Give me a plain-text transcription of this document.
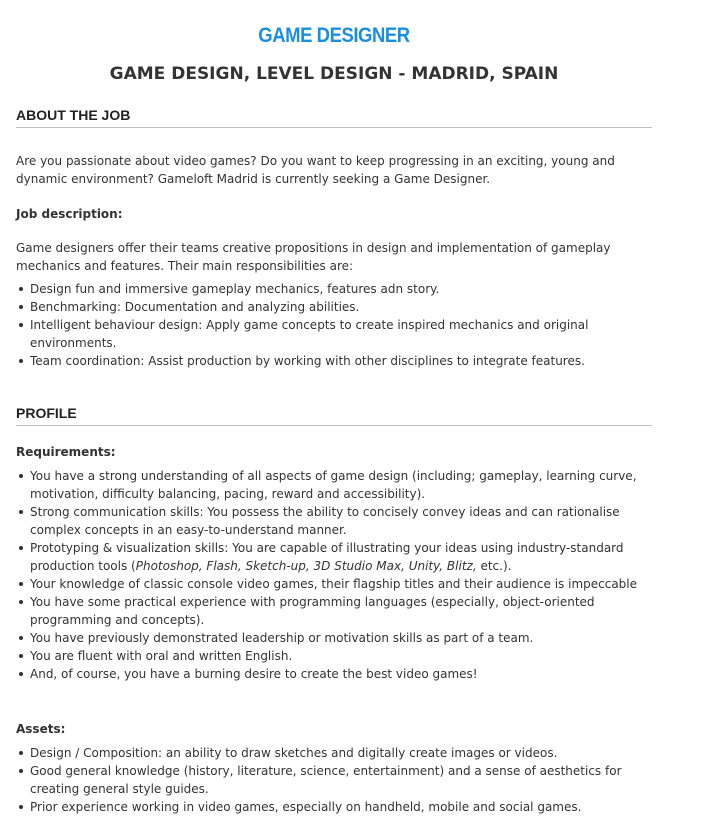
GAME DESIGNER
GAME DESIGN, LEVEL DESIGN - MADRID, SPAIN
ABOUT THE JOB

Are you passionate about video games? Do you want to keep progressing in an exciting, young and dynamic environment? Gameloft Madrid is currently seeking a Game Designer.

Job description:

Game designers offer their teams creative propositions in design and implementation of gameplay mechanics and features. Their main responsibilities are:

Design fun and immersive gameplay mechanics, features adn story.
Benchmarking: Documentation and analyzing abilities.
Intelligent behaviour design: Apply game concepts to create inspired mechanics and original environments.
Team coordination: Assist production by working with other disciplines to integrate features.
PROFILE

Requirements:

You have a strong understanding of all aspects of game design (including; gameplay, learning curve, motivation, difficulty balancing, pacing, reward and accessibility).
Strong communication skills: You possess the ability to concisely convey ideas and can rationalise complex concepts in an easy-to-understand manner.
Prototyping & visualization skills: You are capable of illustrating your ideas using industry-standard production tools (Photoshop, Flash, Sketch-up, 3D Studio Max, Unity, Blitz, etc.).
Your knowledge of classic console video games, their flagship titles and their audience is impeccable
You have some practical experience with programming languages (especially, object-oriented programming and concepts).
You have previously demonstrated leadership or motivation skills as part of a team.
You are fluent with oral and written English.
And, of course, you have a burning desire to create the best video games!

Assets:

Design / Composition: an ability to draw sketches and digitally create images or videos.
Good general knowledge (history, literature, science, entertainment) and a sense of aesthetics for creating general style guides.
Prior experience working in video games, especially on handheld, mobile and social games.
